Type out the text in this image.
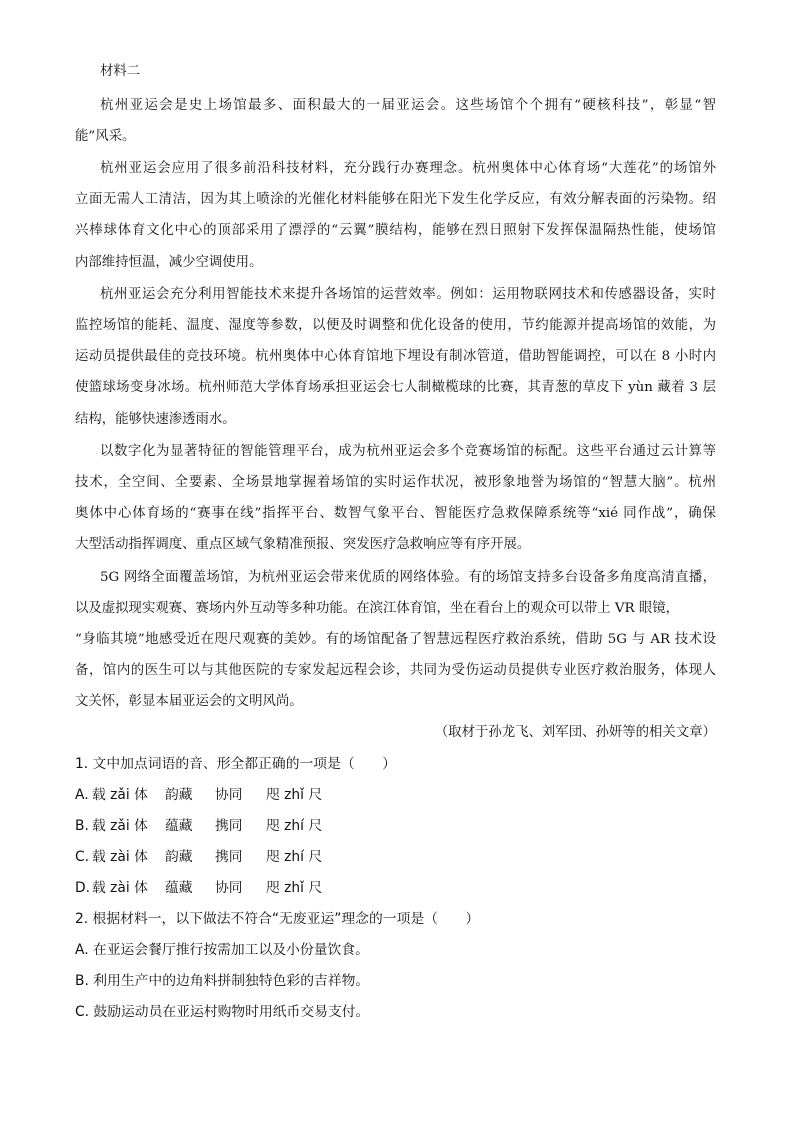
材料二
杭州亚运会是史上场馆最多、面积最大的一届亚运会。这些场馆个个拥有“硬核科技”，彰显“智
能”风采。
杭州亚运会应用了很多前沿科技材料，充分践行办赛理念。杭州奥体中心体育场“大莲花”的场馆外
立面无需人工清洁，因为其上喷涂的光催化材料能够在阳光下发生化学反应，有效分解表面的污染物。绍
兴棒球体育文化中心的顶部采用了漂浮的“云翼”膜结构，能够在烈日照射下发挥保温隔热性能，使场馆
内部维持恒温，减少空调使用。
杭州亚运会充分利用智能技术来提升各场馆的运营效率。例如：运用物联网技术和传感器设备，实时
监控场馆的能耗、温度、湿度等参数，以便及时调整和优化设备的使用，节约能源并提高场馆的效能，为
运动员提供最佳的竞技环境。杭州奥体中心体育馆地下埋设有制冰管道，借助智能调控，可以在 8 小时内
使篮球场变身冰场。杭州师范大学体育场承担亚运会七人制橄榄球的比赛，其青葱的草皮下 yùn 藏着 3 层
结构，能够快速渗透雨水。
以数字化为显著特征的智能管理平台，成为杭州亚运会多个竞赛场馆的标配。这些平台通过云计算等
技术，全空间、全要素、全场景地掌握着场馆的实时运作状况，被形象地誉为场馆的“智慧大脑”。杭州
奥体中心体育场的“赛事在线”指挥平台、数智气象平台、智能医疗急救保障系统等“xié 同作战”，确保
大型活动指挥调度、重点区域气象精准预报、突发医疗急救响应等有序开展。
5G 网络全面覆盖场馆，为杭州亚运会带来优质的网络体验。有的场馆支持多台设备多角度高清直播，
以及虚拟现实观赛、赛场内外互动等多种功能。在滨江体育馆，坐在看台上的观众可以带上 VR 眼镜，
“身临其境”地感受近在咫尺观赛的美妙。有的场馆配备了智慧远程医疗救治系统，借助 5G 与 AR 技术设
备，馆内的医生可以与其他医院的专家发起远程会诊，共同为受伤运动员提供专业医疗救治服务，体现人
文关怀，彰显本届亚运会的文明风尚。
（取材于孙龙飞、刘军団、孙妍等的相关文章）
1. 文中加点词语的音、形全都正确的一项是（　　）
A. 载 zǎi 体 韵藏 协同 咫 zhǐ 尺
B. 载 zǎi 体 蕴藏 携同 咫 zhí 尺
C. 载 zài 体 韵藏 携同 咫 zhí 尺
D. 载 zài 体 蕴藏 协同 咫 zhǐ 尺
2. 根据材料一，以下做法不符合“无废亚运”理念的一项是（　　）
A. 在亚运会餐厅推行按需加工以及小份量饮食。
B. 利用生产中的边角料拼制独特色彩的吉祥物。
C. 鼓励运动员在亚运村购物时用纸币交易支付。
